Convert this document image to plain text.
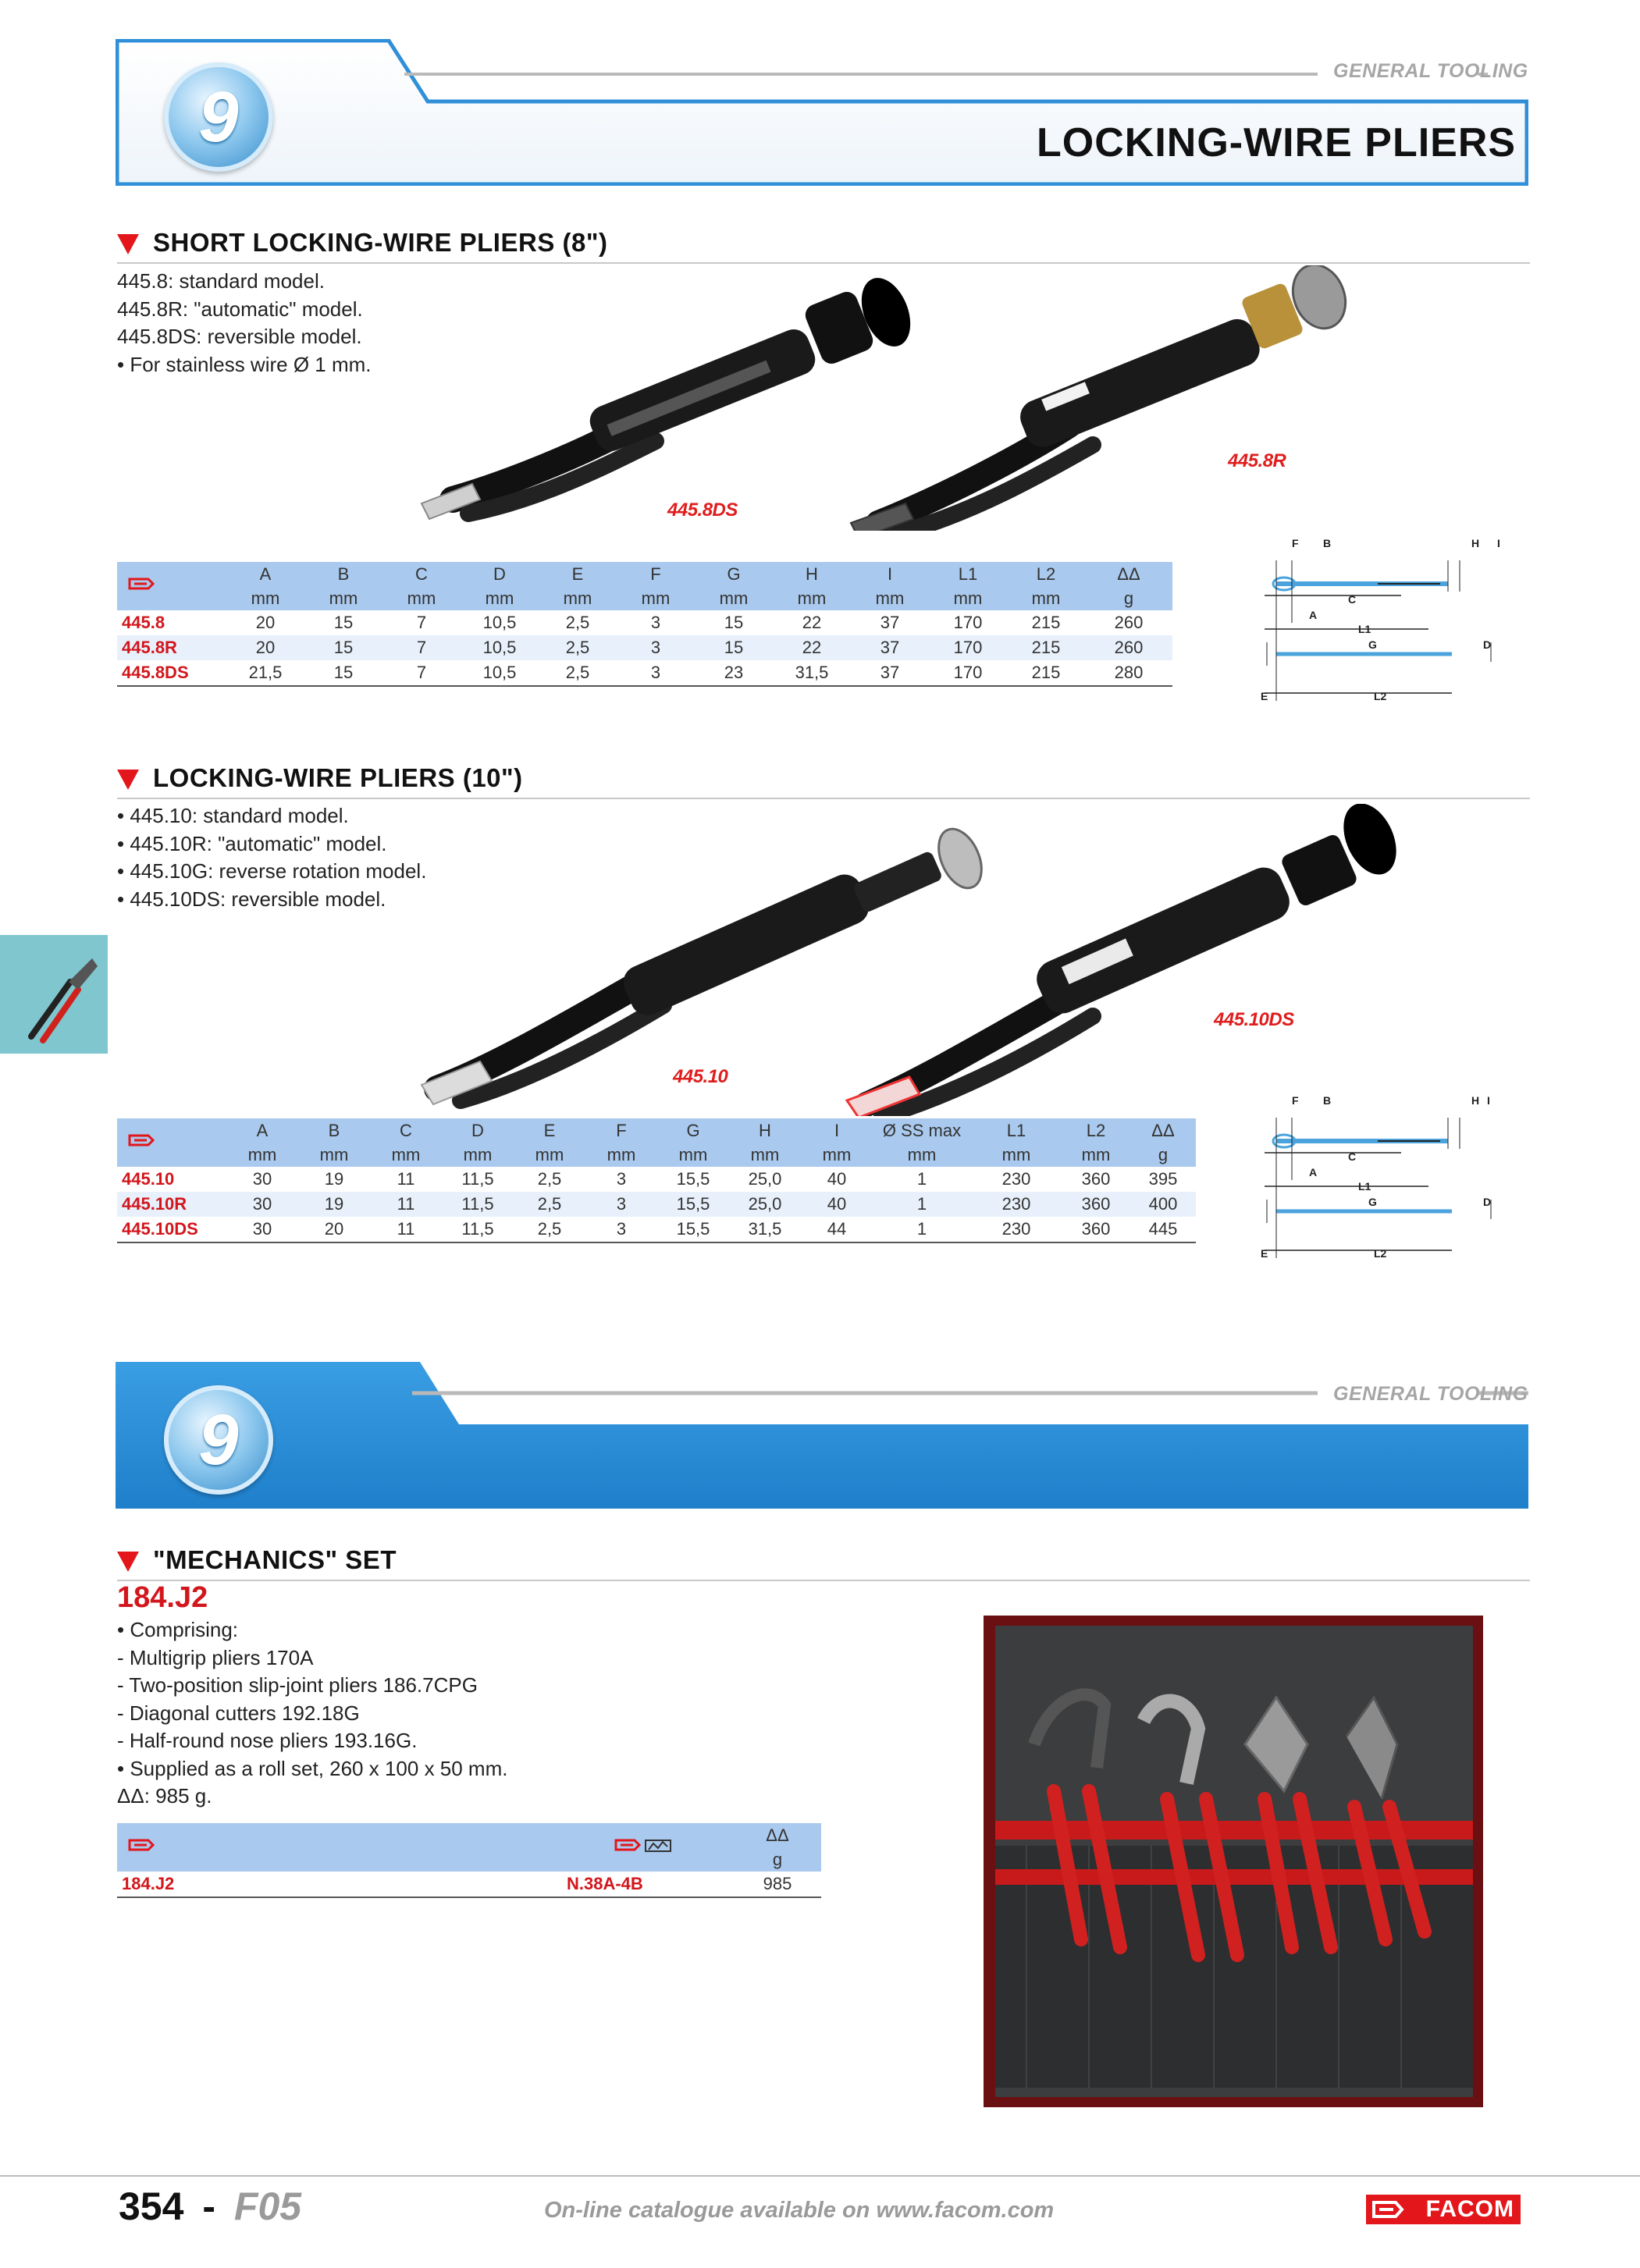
9
GENERAL TOOLING
LOCKING-WIRE PLIERS
SHORT LOCKING-WIRE PLIERS (8")
445.8: standard model.
445.8R: "automatic" model.
445.8DS: reversible model.
• For stainless wire Ø 1 mm.
445.8DS
445.8R
	A	B	C	D	E	F	G	H	I	L1	L2	ΔΔ
	mm	mm	mm	mm	mm	mm	mm	mm	mm	mm	mm	g
445.8	20	15	7	10,5	2,5	3	15	22	37	170	215	260
445.8R	20	15	7	10,5	2,5	3	15	22	37	170	215	260
445.8DS	21,5	15	7	10,5	2,5	3	23	31,5	37	170	215	280
F B	H I
C
A
L1
G	D
E	L2
LOCKING-WIRE PLIERS (10")
• 445.10: standard model.
• 445.10R: "automatic" model.
• 445.10G: reverse rotation model.
• 445.10DS: reversible model.
445.10
445.10DS
	A	B	C	D	E	F	G	H	I	Ø SS max	L1	L2	ΔΔ
	mm	mm	mm	mm	mm	mm	mm	mm	mm	mm	mm	mm	g
445.10	30	19	11	11,5	2,5	3	15,5	25,0	40	1	230	360	395
445.10R	30	19	11	11,5	2,5	3	15,5	25,0	40	1	230	360	400
445.10DS	30	20	11	11,5	2,5	3	15,5	31,5	44	1	230	360	445
F B	H I
C
A
L1
G	D
E	L2
9
GENERAL TOOLING
"MECHANICS" SET
184.J2
• Comprising:
- Multigrip pliers 170A
- Two-position slip-joint pliers 186.7CPG
- Diagonal cutters 192.18G
- Half-round nose pliers 193.16G.
• Supplied as a roll set, 260 x 100 x 50 mm.
ΔΔ: 985 g.
		ΔΔ
		g
184.J2	N.38A-4B	985
354 - F05	On-line catalogue available on www.facom.com	FACOM
